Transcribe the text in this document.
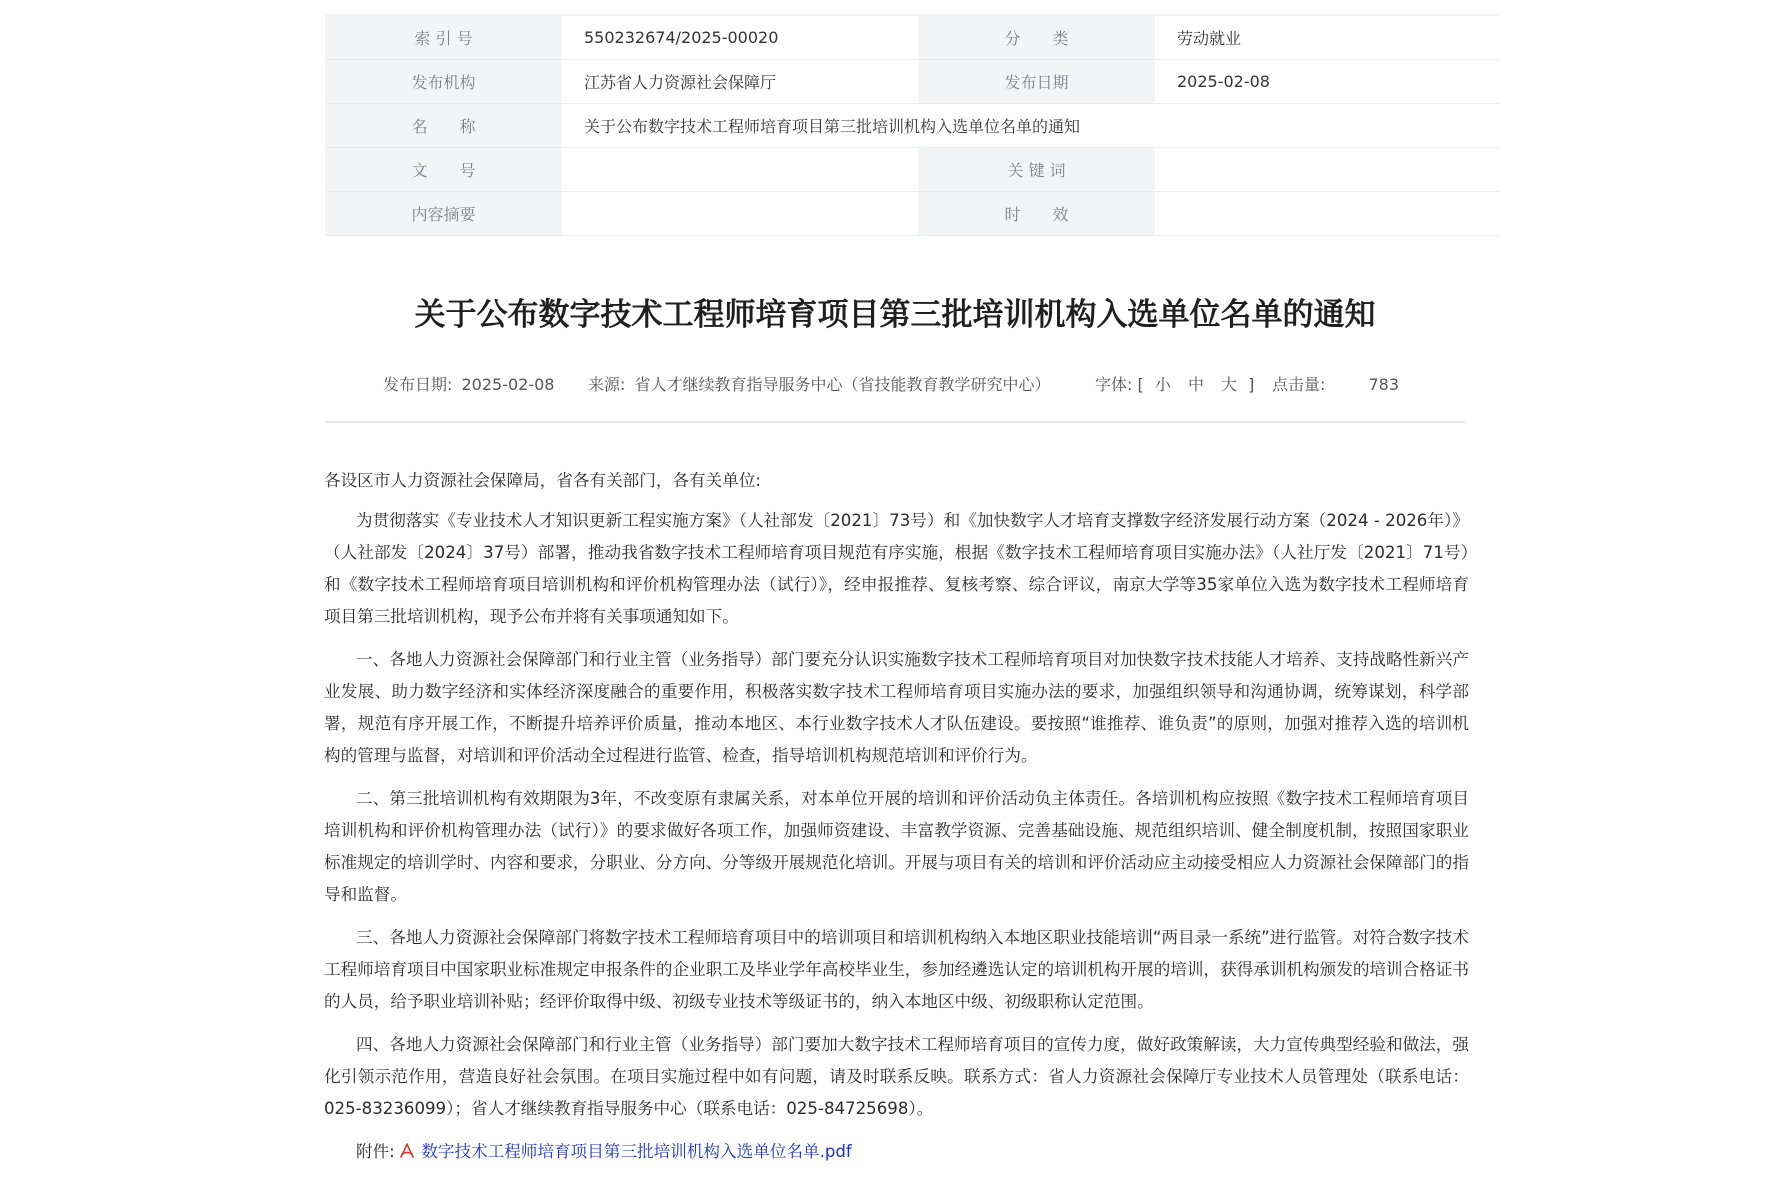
索 引 号	550232674/2025-00020	分　　类	劳动就业
发布机构	江苏省人力资源社会保障厅	发布日期	2025-02-08
名　　称	关于公布数字技术工程师培育项目第三批培训机构入选单位名单的通知		
文　　号		关 键 词	
内容摘要		时　　效	
关于公布数字技术工程师培育项目第三批培训机构入选单位名单的通知
发布日期: 2025-02-08 来源: 省人才继续教育指导服务中心（省技能教育教学研究中心）	字体: [ 小 中 大 ] 点击量:	783

各设区市人力资源社会保障局，省各有关部门，各有关单位:

为贯彻落实《专业技术人才知识更新工程实施方案》（人社部发〔2021〕73号）和《加快数字人才培育支撑数字经济发展行动方案（2024 - 2026年）》（人社部发〔2024〕37号）部署，推动我省数字技术工程师培育项目规范有序实施，根据《数字技术工程师培育项目实施办法》（人社厅发〔2021〕71号）和《数字技术工程师培育项目培训机构和评价机构管理办法（试行）》，经申报推荐、复核考察、综合评议，南京大学等35家单位入选为数字技术工程师培育项目第三批培训机构，现予公布并将有关事项通知如下。

一、各地人力资源社会保障部门和行业主管（业务指导）部门要充分认识实施数字技术工程师培育项目对加快数字技术技能人才培养、支持战略性新兴产业发展、助力数字经济和实体经济深度融合的重要作用，积极落实数字技术工程师培育项目实施办法的要求，加强组织领导和沟通协调，统筹谋划，科学部署，规范有序开展工作，不断提升培养评价质量，推动本地区、本行业数字技术人才队伍建设。要按照“谁推荐、谁负责”的原则，加强对推荐入选的培训机构的管理与监督，对培训和评价活动全过程进行监管、检查，指导培训机构规范培训和评价行为。

二、第三批培训机构有效期限为3年，不改变原有隶属关系，对本单位开展的培训和评价活动负主体责任。各培训机构应按照《数字技术工程师培育项目培训机构和评价机构管理办法（试行）》的要求做好各项工作，加强师资建设、丰富教学资源、完善基础设施、规范组织培训、健全制度机制，按照国家职业标准规定的培训学时、内容和要求，分职业、分方向、分等级开展规范化培训。开展与项目有关的培训和评价活动应主动接受相应人力资源社会保障部门的指导和监督。

三、各地人力资源社会保障部门将数字技术工程师培育项目中的培训项目和培训机构纳入本地区职业技能培训“两目录一系统”进行监管。对符合数字技术工程师培育项目中国家职业标准规定申报条件的企业职工及毕业学年高校毕业生，参加经遴选认定的培训机构开展的培训，获得承训机构颁发的培训合格证书的人员，给予职业培训补贴；经评价取得中级、初级专业技术等级证书的，纳入本地区中级、初级职称认定范围。

四、各地人力资源社会保障部门和行业主管（业务指导）部门要加大数字技术工程师培育项目的宣传力度，做好政策解读，大力宣传典型经验和做法，强化引领示范作用，营造良好社会氛围。在项目实施过程中如有问题，请及时联系反映。联系方式：省人力资源社会保障厅专业技术人员管理处（联系电话：025-83236099）；省人才继续教育指导服务中心（联系电话：025-84725698）。

附件: 数字技术工程师培育项目第三批培训机构入选单位名单.pdf
